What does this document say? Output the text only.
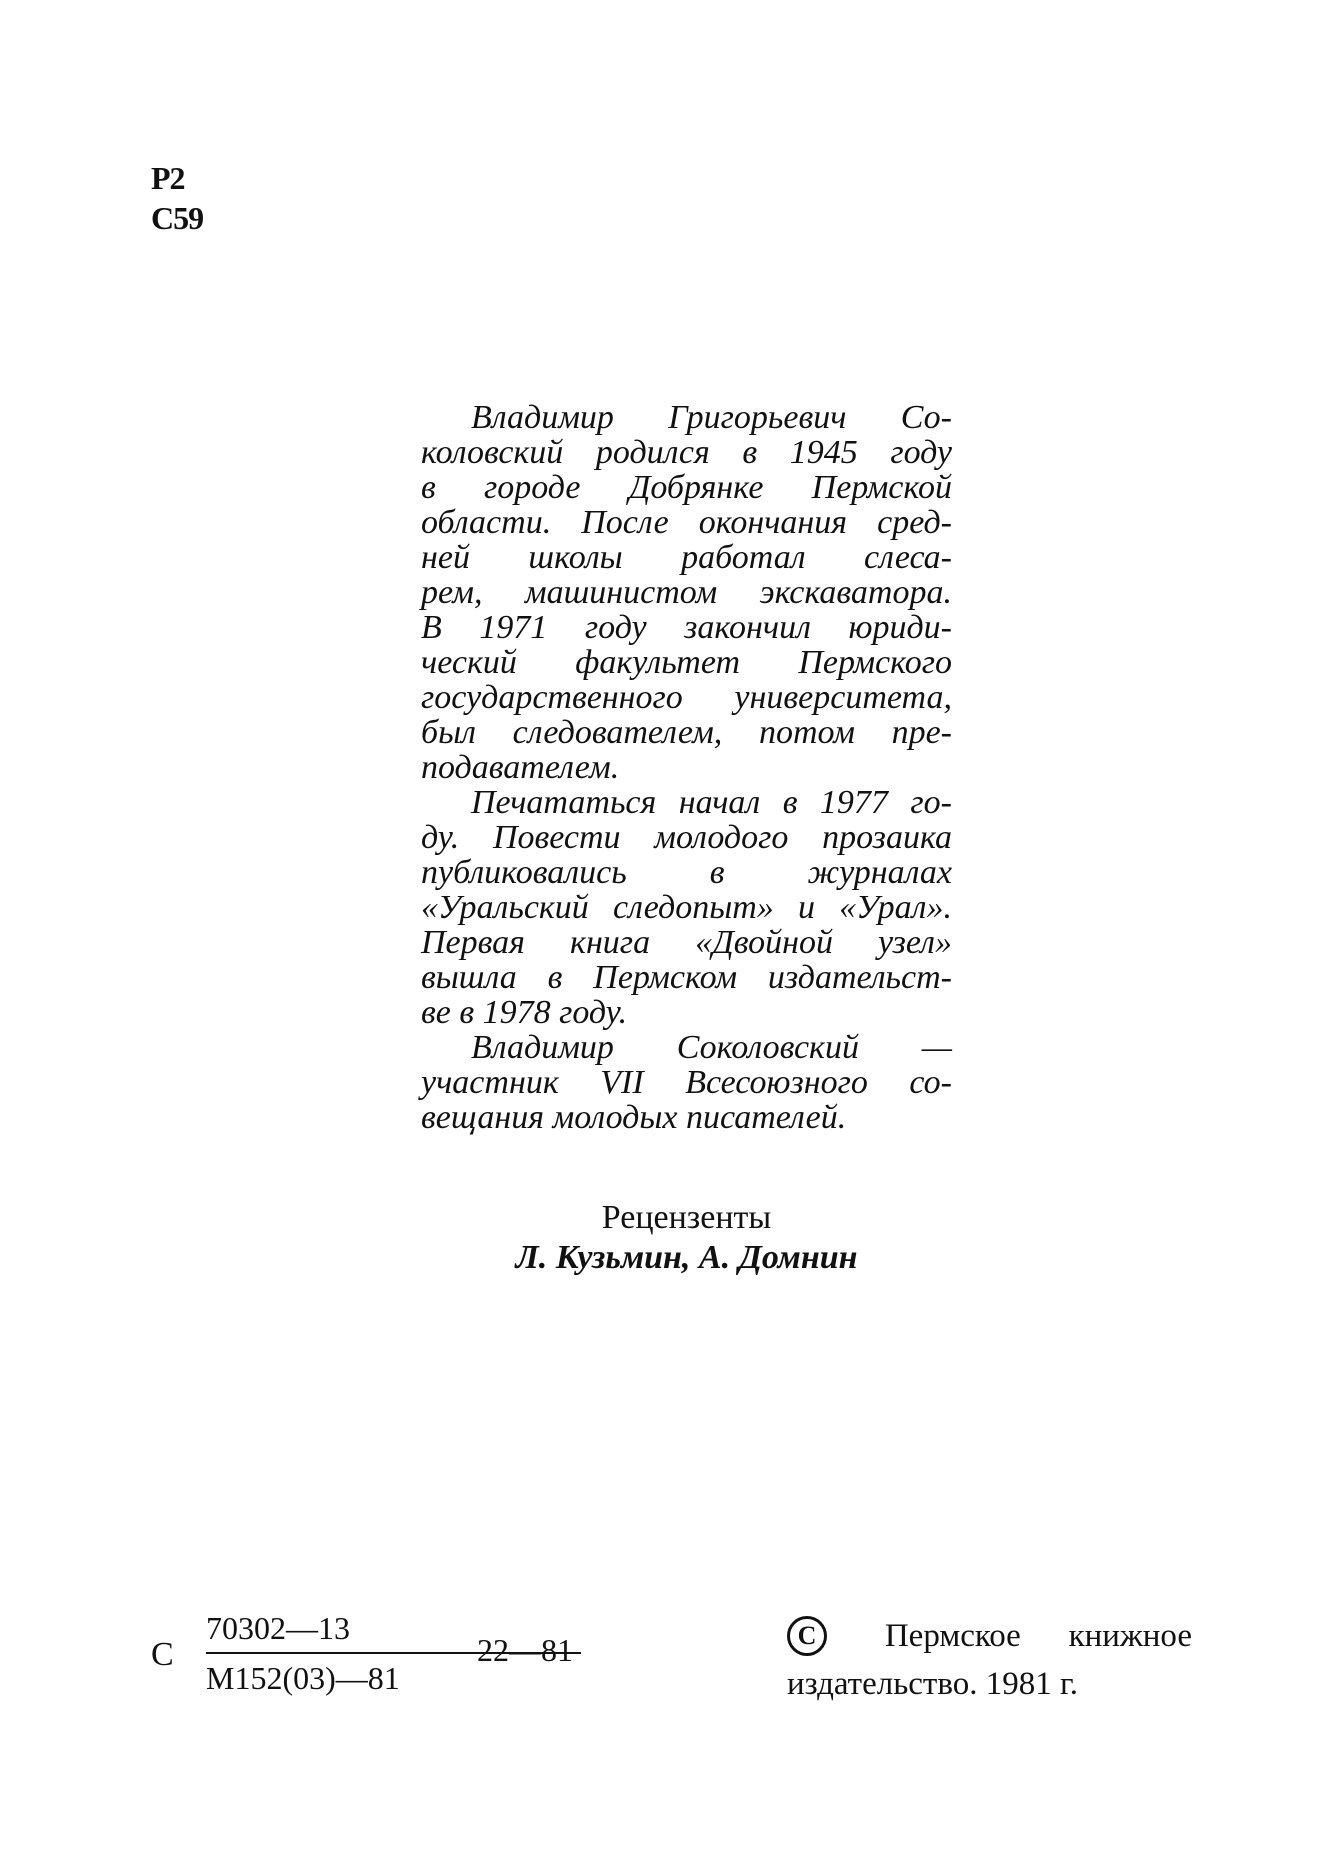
Р2
С59
Владимир Григорьевич Со-
коловский родился в 1945 году
в городе Добрянке Пермской
области. После окончания сред-
ней школы работал слеса-
рем, машинистом экскаватора.
В 1971 году закончил юриди-
ческий факультет Пермского
государственного университета,
был следователем, потом пре-
подавателем.
Печататься начал в 1977 го-
ду. Повести молодого прозаика
публиковались в журналах
«Уральский следопыт» и «Урал».
Первая книга «Двойной узел»
вышла в Пермском издательст-
ве в 1978 году.
Владимир Соколовский —
участник VII Всесоюзного со-
вещания молодых писателей.
Рецензенты
Л. Кузьмин, А. Домнин
С
70302—13
М152(03)—81
22—81	C	Пермское книжное
издательство. 1981 г.
